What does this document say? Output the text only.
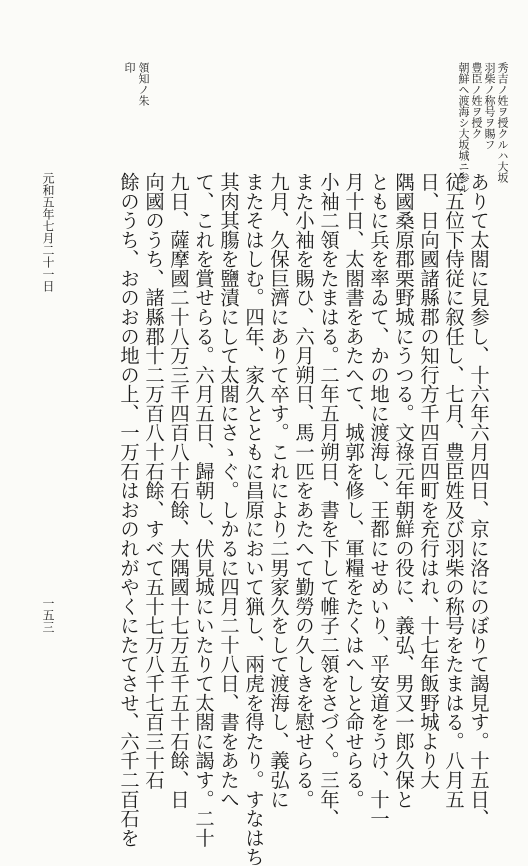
秀吉ノ姓ヲ授クルハ大坂
羽柴ノ称号ヲ賜フ
豊臣ノ姓ヲ授ク
朝鮮ヘ渡海シ大坂城ニ参ル
領知ノ朱
印
ありて太閤に見参し、十六年六月四日、京に洛にのぼりて謁見す。十五日、
従五位下侍従に叙任し、七月、豊臣姓及び羽柴の称号をたまはる。八月五
日、日向國諸縣郡の知行方千四百四町を充行はれ、十七年飯野城より大
隅國桑原郡栗野城にうつる。文祿元年朝鮮の役に、義弘、男又一郎久保と
ともに兵を率ゐて、かの地に渡海し、王都にせめいり、平安道をうけ、十一
月十日、太閤書をあたへて、城郭を修し、軍糧をたくはへしと命せらる。
小袖二領をたまはる。二年五月朔日、書を下して帷子二領をさづく。三年、
また小袖を賜ひ、六月朔日、馬一匹をあたへて勤勞の久しきを慰せらる。
九月、久保巨濟にありて卒す。これにより二男家久をして渡海し、義弘に
またそはしむ。四年、家久とともに昌原において猟し、兩虎を得たり。すなはち
其肉其膓を鹽漬にして太閤にさゝぐ。しかるに四月二十八日、書をあたへ
て、これを賞せらる。六月五日、歸朝し、伏見城にいたりて太閤に謁す。二十
九日、薩摩國二十八万三千四百八十石餘、大隅國十七万五千五十石餘、日
向國のうち、諸縣郡十二万百八十石餘、すべて五十七万八千七百三十石
餘のうち、おのおの地の上、一万石はおのれがやくにたてさせ、六千二百石を
元和五年七月二十一日
一五三
